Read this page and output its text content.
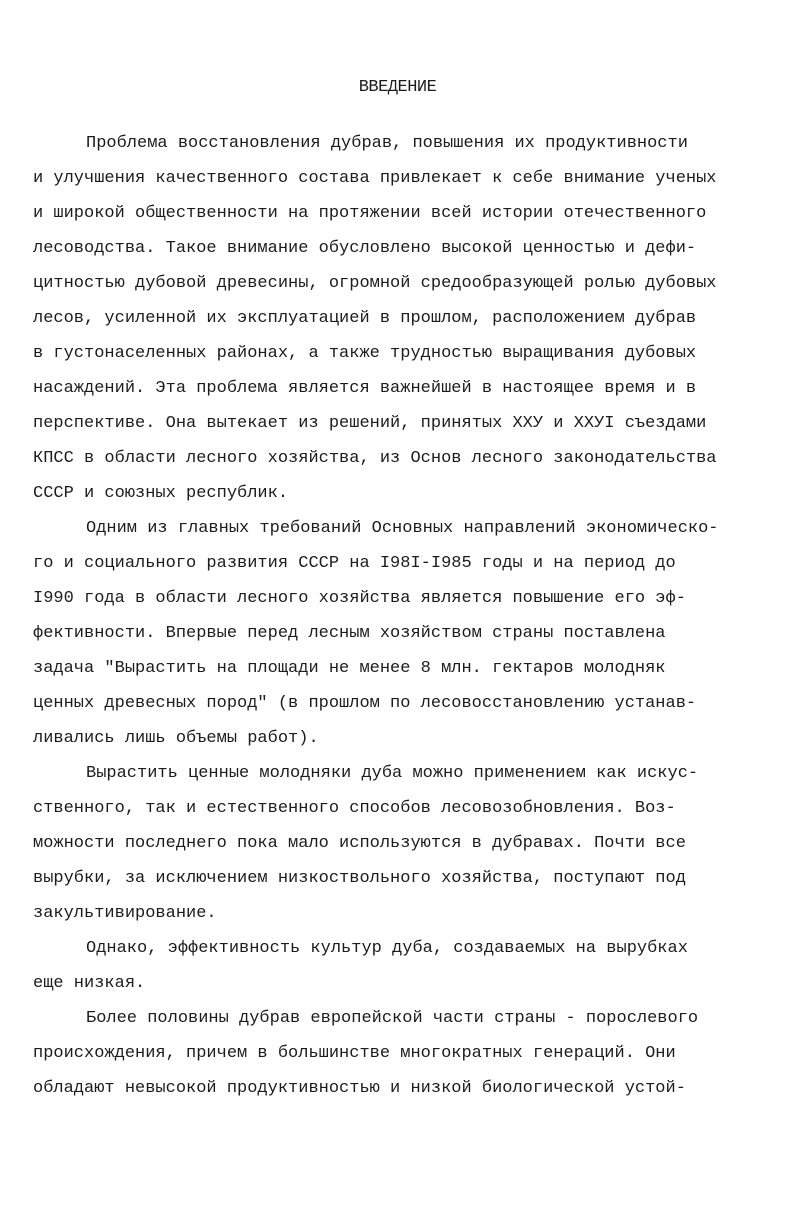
ВВЕДЕНИЕ
Проблема восстановления дубрав, повышения их продуктивности
и улучшения качественного состава привлекает к себе внимание ученых
и широкой общественности на протяжении всей истории отечественного
лесоводства. Такое внимание обусловлено высокой ценностью и дефи-
цитностью дубовой древесины, огромной средообразующей ролью дубовых
лесов, усиленной их эксплуатацией в прошлом, расположением дубрав
в густонаселенных районах, а также трудностью выращивания дубовых
насаждений. Эта проблема является важнейшей в настоящее время и в
перспективе. Она вытекает из решений, принятых ХХУ и ХХУI съездами
КПСС в области лесного хозяйства, из Основ лесного законодательства
СССР и союзных республик.
Одним из главных требований Основных направлений экономическо-
го и социального развития СССР на I98I-I985 годы и на период до
I990 года в области лесного хозяйства является повышение его эф-
фективности. Впервые перед лесным хозяйством страны поставлена
задача "Вырастить на площади не менее 8 млн. гектаров молодняк
ценных древесных пород" (в прошлом по лесовосстановлению устанав-
ливались лишь объемы работ).
Вырастить ценные молодняки дуба можно применением как искус-
ственного, так и естественного способов лесовозобновления. Воз-
можности последнего пока мало используются в дубравах. Почти все
вырубки, за исключением низкоствольного хозяйства, поступают под
закультивирование.
Однако, эффективность культур дуба, создаваемых на вырубках
еще низкая.
Более половины дубрав европейской части страны - порослевого
происхождения, причем в большинстве многократных генераций. Они
обладают невысокой продуктивностью и низкой биологической устой-
